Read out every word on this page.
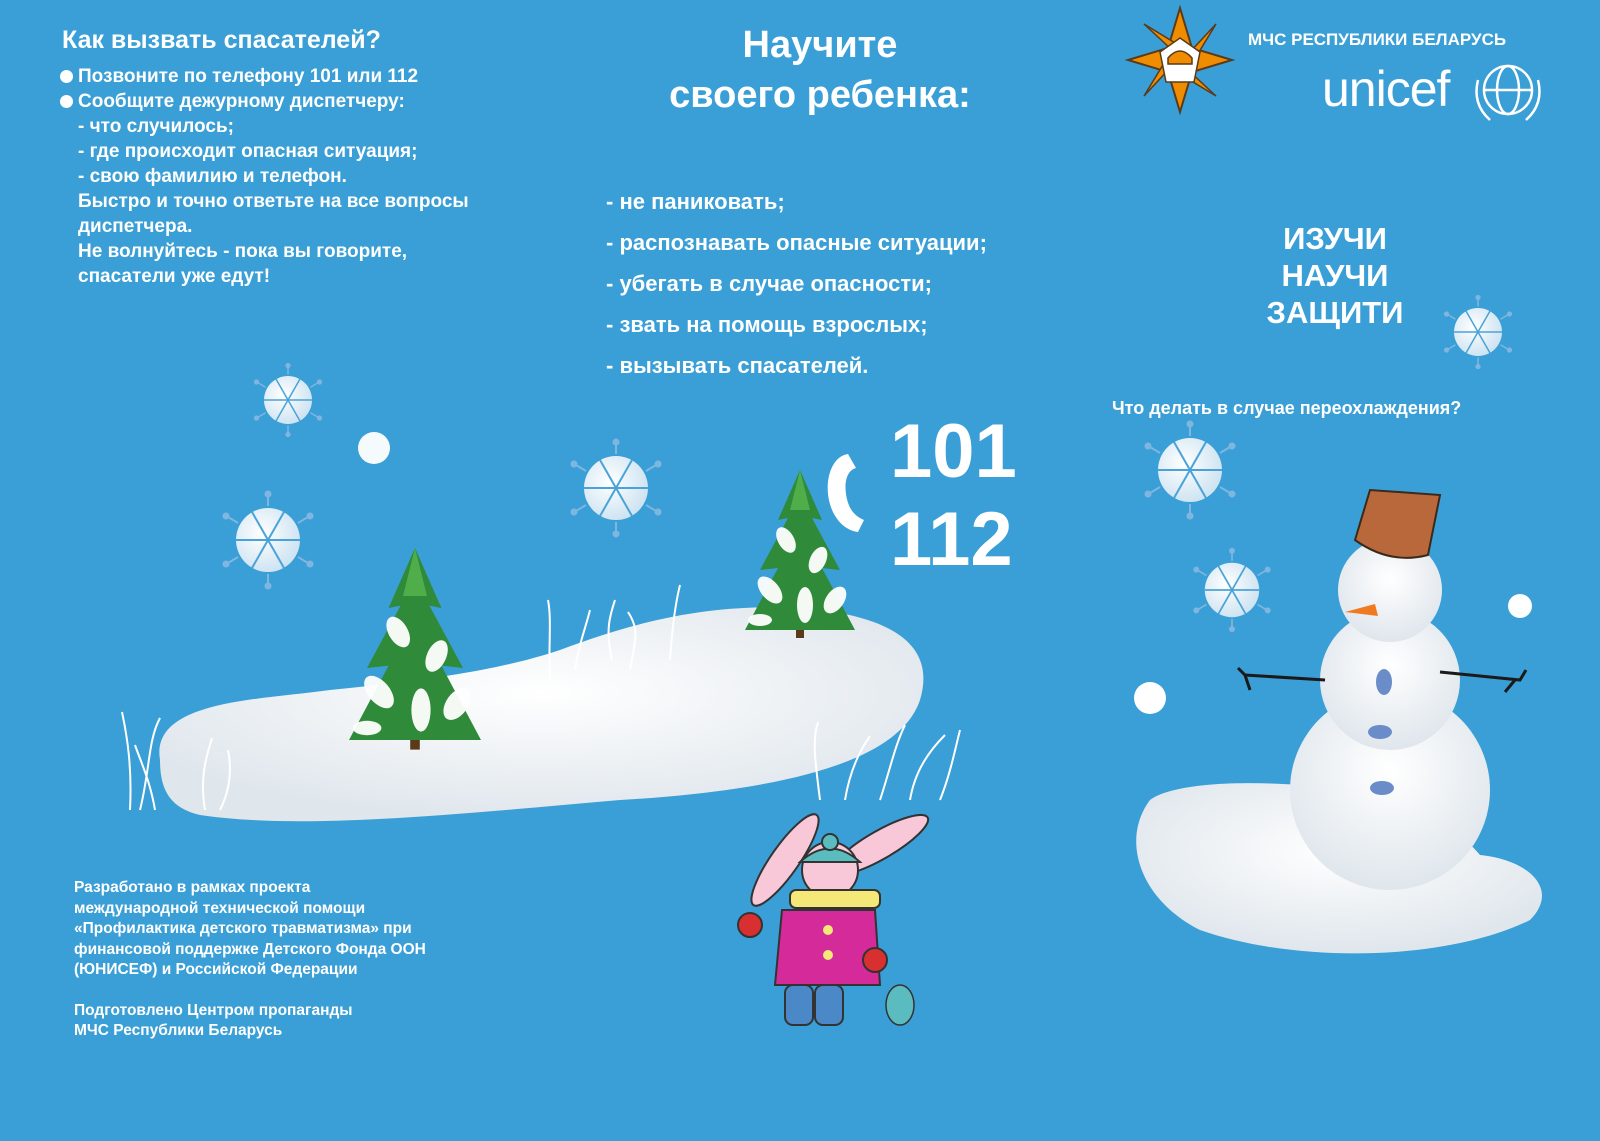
Как вызвать спасателей?
Позвоните по телефону 101 или 112
Сообщите дежурному диспетчеру:
- что случилось;
- где происходит опасная ситуация;
- свою фамилию и телефон.
Быстро и точно ответьте на все вопросы
диспетчера.
Не волнуйтесь - пока вы говорите,
спасатели уже едут!

Разработано в рамках проекта
международной технической помощи
«Профилактика детского травматизма» при
финансовой поддержке Детского Фонда ООН
(ЮНИСЕФ) и Российской Федерации

Подготовлено Центром пропаганды
МЧС Республики Беларусь

Научите
своего ребенка:
- не паниковать;
- распознавать опасные ситуации;
- убегать в случае опасности;
- звать на помощь взрослых;
- вызывать спасателей.
101
112
МЧС РЕСПУБЛИКИ БЕЛАРУСЬ
unicef
ИЗУЧИ
НАУЧИ
ЗАЩИТИ
Что делать в случае переохлаждения?
